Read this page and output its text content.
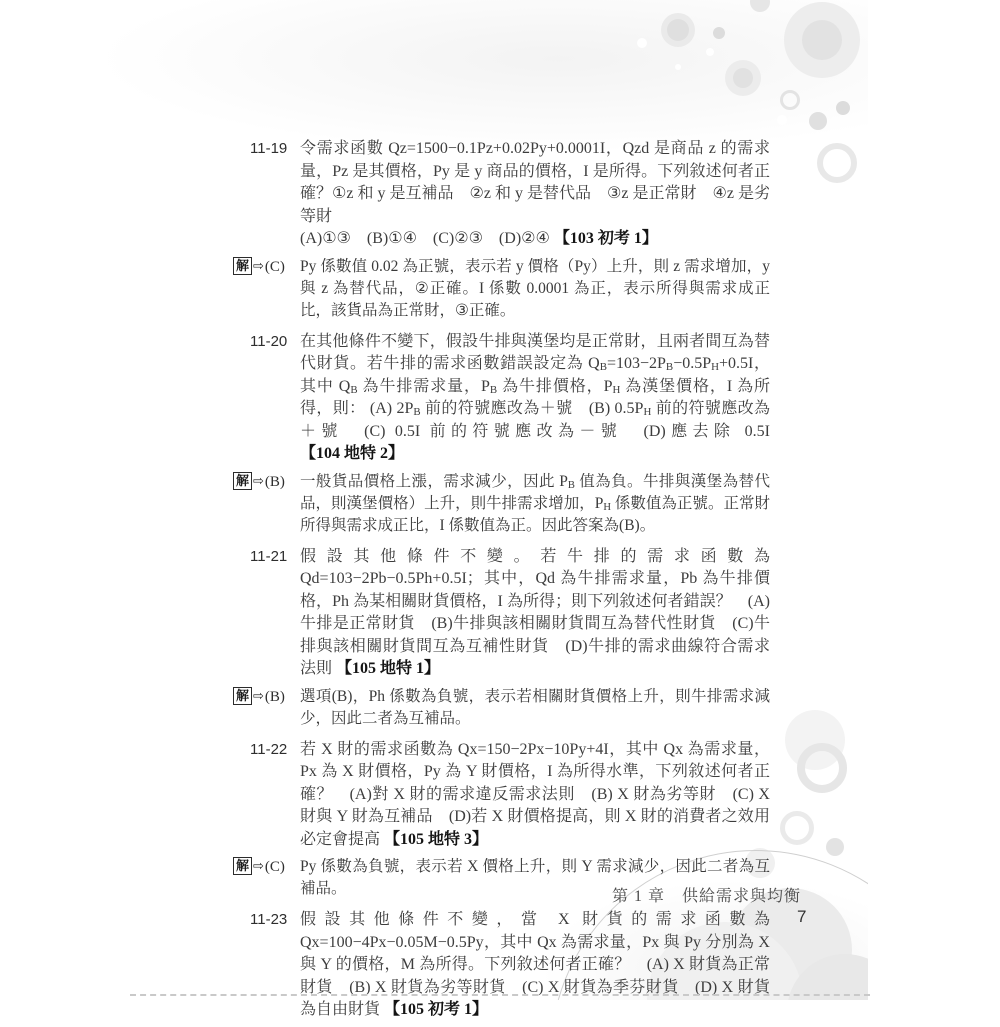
11-19 令需求函數 Qz=1500−0.1Pz+0.02Py+0.0001I，Qzd 是商品 z 的需求量，Pz 是其價格，Py 是 y 商品的價格，I 是所得。下列敘述何者正確？①z 和 y 是互補品　②z 和 y 是替代品　③z 是正常財　④z 是劣等財
(A)①③　(B)①④　(C)②③　(D)②④ 【103 初考 1】
解 ⇨ (C) Py 係數值 0.02 為正號，表示若 y 價格（Py）上升，則 z 需求增加，y 與 z 為替代品，②正確。I 係數 0.0001 為正，表示所得與需求成正比，該貨品為正常財，③正確。
11-20 在其他條件不變下，假設牛排與漢堡均是正常財，且兩者間互為替代財貨。若牛排的需求函數錯誤設定為 $Q_B=103-2P_B-0.5P_H+0.5I$，其中 $Q_B$ 為牛排需求量，$P_B$ 為牛排價格，$P_H$ 為漢堡價格，I 為所得，則： (A) $2P_B$ 前的符號應改為＋號　(B) $0.5P_H$ 前的符號應改為＋號　(C) 0.5I 前的符號應改為－號　(D)應去除 0.5I 【104 地特 2】
解 ⇨ (B) 一般貨品價格上漲，需求減少，因此 $P_B$ 值為負。牛排與漢堡為替代品，則漢堡價格）上升，則牛排需求增加，$P_H$ 係數值為正號。正常財所得與需求成正比，I 係數值為正。因此答案為(B)。
11-21 假設其他條件不變。若牛排的需求函數為 Qd=103−2Pb−0.5Ph+0.5I；其中，Qd 為牛排需求量，Pb 為牛排價格，Ph 為某相關財貨價格，I 為所得；則下列敘述何者錯誤？　(A)牛排是正常財貨　(B)牛排與該相關財貨間互為替代性財貨　(C)牛排與該相關財貨間互為互補性財貨　(D)牛排的需求曲線符合需求法則 【105 地特 1】
解 ⇨ (B) 選項(B)，Ph 係數為負號，表示若相關財貨價格上升，則牛排需求減少，因此二者為互補品。
11-22 若 X 財的需求函數為 Qx=150−2Px−10Py+4I，其中 Qx 為需求量，Px 為 X 財價格，Py 為 Y 財價格，I 為所得水準，下列敘述何者正確？　(A)對 X 財的需求違反需求法則　(B) X 財為劣等財　(C) X 財與 Y 財為互補品　(D)若 X 財價格提高，則 X 財的消費者之效用必定會提高 【105 地特 3】
解 ⇨ (C) Py 係數為負號，表示若 X 價格上升，則 Y 需求減少，因此二者為互補品。
11-23 假設其他條件不變，當 X 財貨的需求函數為 Qx=100−4Px−0.05M−0.5Py，其中 Qx 為需求量，Px 與 Py 分別為 X 與 Y 的價格，M 為所得。下列敘述何者正確？　(A) X 財貨為正常財貨　(B) X 財貨為劣等財貨　(C) X 財貨為季芬財貨　(D) X 財貨為自由財貨 【105 初考 1】
第 1 章　供給需求與均衡
7
